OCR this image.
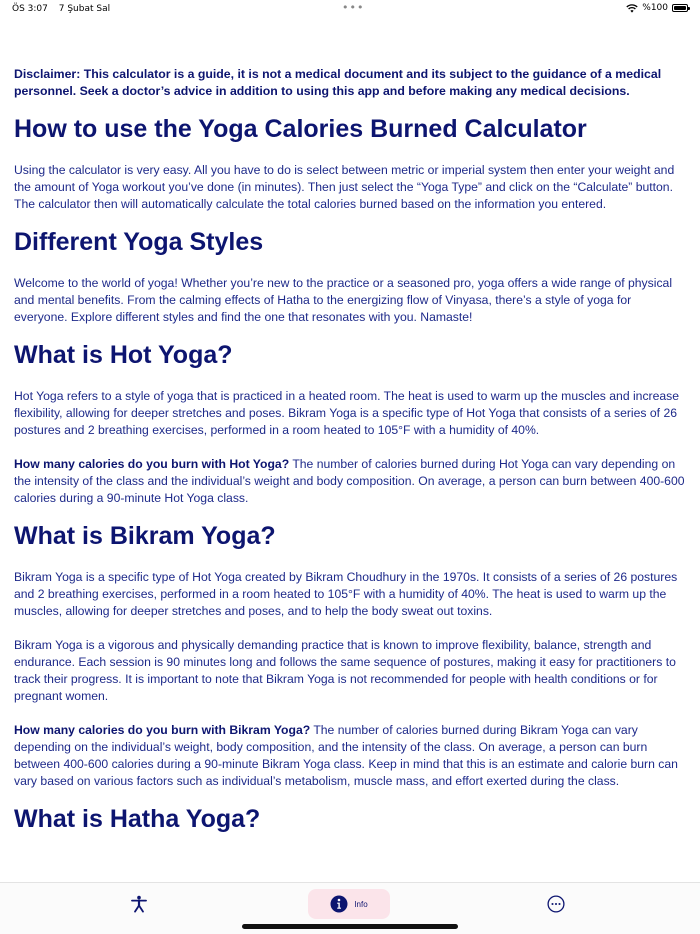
ÖS 3:07 7 Şubat Sal	•••	%100

Disclaimer: This calculator is a guide, it is not a medical document and its subject to the guidance of a medical personnel. Seek a doctor’s advice in addition to using this app and before making any medical decisions.

How to use the Yoga Calories Burned Calculator

Using the calculator is very easy. All you have to do is select between metric or imperial system then enter your weight and the amount of Yoga workout you’ve done (in minutes). Then just select the “Yoga Type” and click on the “Calculate” button. The calculator then will automatically calculate the total calories burned based on the information you entered.

Different Yoga Styles

Welcome to the world of yoga! Whether you’re new to the practice or a seasoned pro, yoga offers a wide range of physical and mental benefits. From the calming effects of Hatha to the energizing flow of Vinyasa, there’s a style of yoga for everyone. Explore different styles and find the one that resonates with you. Namaste!

What is Hot Yoga?

Hot Yoga refers to a style of yoga that is practiced in a heated room. The heat is used to warm up the muscles and increase flexibility, allowing for deeper stretches and poses. Bikram Yoga is a specific type of Hot Yoga that consists of a series of 26 postures and 2 breathing exercises, performed in a room heated to 105°F with a humidity of 40%.

How many calories do you burn with Hot Yoga? The number of calories burned during Hot Yoga can vary depending on the intensity of the class and the individual’s weight and body composition. On average, a person can burn between 400-600 calories during a 90-minute Hot Yoga class.

What is Bikram Yoga?

Bikram Yoga is a specific type of Hot Yoga created by Bikram Choudhury in the 1970s. It consists of a series of 26 postures and 2 breathing exercises, performed in a room heated to 105°F with a humidity of 40%. The heat is used to warm up the muscles, allowing for deeper stretches and poses, and to help the body sweat out toxins.

Bikram Yoga is a vigorous and physically demanding practice that is known to improve flexibility, balance, strength and endurance. Each session is 90 minutes long and follows the same sequence of postures, making it easy for practitioners to track their progress. It is important to note that Bikram Yoga is not recommended for people with health conditions or for pregnant women.

How many calories do you burn with Bikram Yoga? The number of calories burned during Bikram Yoga can vary depending on the individual’s weight, body composition, and the intensity of the class. On average, a person can burn between 400-600 calories during a 90-minute Bikram Yoga class. Keep in mind that this is an estimate and calorie burn can vary based on various factors such as individual’s metabolism, muscle mass, and effort exerted during the class.

What is Hatha Yoga?
Info
